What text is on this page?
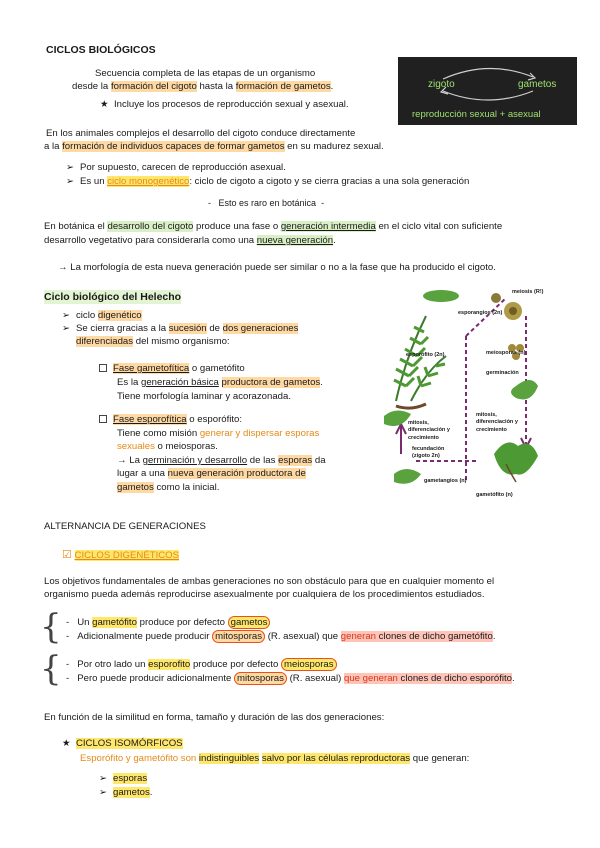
CICLOS BIOLÓGICOS
Secuencia completa de las etapas de un organismo
desde la formación del cigoto hasta la formación de gametos.
★ Incluye los procesos de reproducción sexual y asexual.
zigoto	gametos
reproducción sexual + asexual
En los animales complejos el desarrollo del cigoto conduce directamente
a la formación de individuos capaces de formar gametos en su madurez sexual.
➢ Por supuesto, carecen de reproducción asexual.
➢ Es un ciclo monogenético: ciclo de cigoto a cigoto y se cierra gracias a una sola generación
-   Esto es raro en botánica  -
En botánica el desarrollo del cigoto produce una fase o generación intermedia en el ciclo vital con suficiente
desarrollo vegetativo para considerarla como una nueva generación.
→ La morfología de esta nueva generación puede ser similar o no a la fase que ha producido el cigoto.
Ciclo biológico del Helecho
➢ ciclo digenético
➢ Se cierra gracias a la sucesión de dos generaciones
diferenciadas del mismo organismo:
Fase gametofítica o gametófito
Es la generación básica productora de gametos.
Tiene morfología laminar y acorazonada.
Fase esporofítica o esporófito:
Tiene como misión generar y dispersar esporas
sexuales o meiosporas.
→ La germinación y desarrollo de las esporas da
lugar a una nueva generación productora de
gametos como la inicial.
meiosis (R!)
esporangios (2n)
esporófito (2n)	meiosporas (n)
germinación
mitosis, diferenciación y crecimiento
mitosis, diferenciación y crecimiento
fecundación (zigoto 2n)
gametangios (n)
gametófito (n)
ALTERNANCIA DE GENERACIONES
☑ CICLOS DIGENÉTICOS
Los objetivos fundamentales de ambas generaciones no son obstáculo para que en cualquier momento el
organismo pueda además reproducirse asexualmente por cualquiera de los procedimientos estudiados.
{ -   Un gametófito produce por defecto gametos
-   Adicionalmente puede producir mitosporas (R. asexual) que generan clones de dicho gametófito.
{ -   Por otro lado un esporofito produce por defecto meiosporas
-   Pero puede producir adicionalmente mitosporas (R. asexual) que generan clones de dicho esporófito.
En función de la similitud en forma, tamaño y duración de las dos generaciones:
★ CICLOS ISOMÓRFICOS
Esporófito y gametófito son indistinguibles salvo por las células reproductoras que generan:
➢ esporas
➢ gametos.
